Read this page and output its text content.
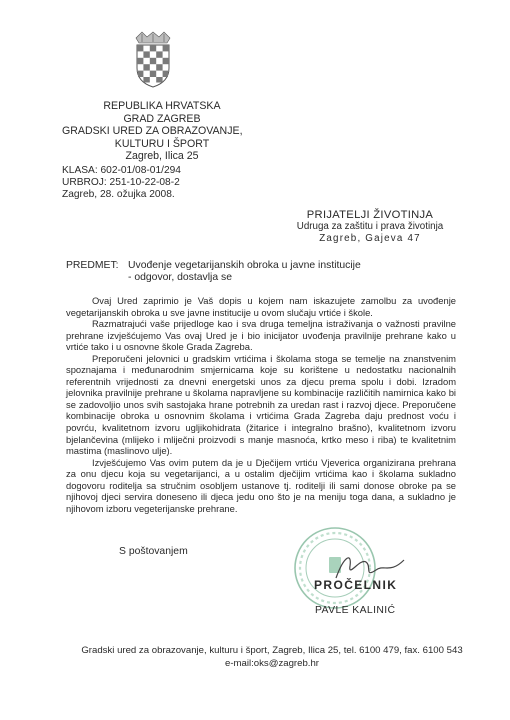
REPUBLIKA HRVATSKA
GRAD ZAGREB
GRADSKI URED ZA OBRAZOVANJE,
KULTURU I ŠPORT
Zagreb, Ilica 25
KLASA: 602-01/08-01/294
URBROJ: 251-10-22-08-2
Zagreb, 28. ožujka 2008.
PRIJATELJI ŽIVOTINJA
Udruga za zaštitu i prava životinja
Zagreb, Gajeva 47
PREDMET: Uvođenje vegetarijanskih obroka u javne institucije
- odgovor, dostavlja se

Ovaj Ured zaprimio je Vaš dopis u kojem nam iskazujete zamolbu za uvođenje vegetarijanskih obroka u sve javne institucije u ovom slučaju vrtiće i škole.

Razmatrajući vaše prijedloge kao i sva druga temeljna istraživanja o važnosti pravilne prehrane izvješćujemo Vas ovaj Ured je i bio inicijator uvođenja pravilnije prehrane kako u vrtiće tako i u osnovne škole Grada Zagreba.

Preporučeni jelovnici u gradskim vrtićima i školama stoga se temelje na znanstvenim spoznajama i međunarodnim smjernicama koje su korištene u nedostatku nacionalnih referentnih vrijednosti za dnevni energetski unos za djecu prema spolu i dobi. Izradom jelovnika pravilnije prehrane u školama napravljene su kombinacije različitih namirnica kako bi se zadovoljio unos svih sastojaka hrane potrebnih za uredan rast i razvoj djece. Preporučene kombinacije obroka u osnovnim školama i vrtićima Grada Zagreba daju prednost voću i povrću, kvalitetnom izvoru ugljikohidrata (žitarice i integralno brašno), kvalitetnom izvoru bjelančevina (mlijeko i mliječni proizvodi s manje masnoća, krtko meso i riba) te kvalitetnim mastima (maslinovo ulje).

Izvješćujemo Vas ovim putem da je u Dječijem vrtiću Vjeverica organizirana prehrana za onu djecu koja su vegetarijanci, a u ostalim dječijim vrtićima kao i školama sukladno dogovoru roditelja sa stručnim osobljem ustanove tj. roditelji ili sami donose obroke pa se njihovoj djeci servira doneseno ili djeca jedu ono što je na meniju toga dana, a sukladno je njihovom izboru vegeterijanske prehrane.

S poštovanjem
PROČELNIK
PAVLE KALINIĆ
Gradski ured za obrazovanje, kulturu i šport, Zagreb, Ilica 25, tel. 6100 479, fax. 6100 543
e-mail:oks@zagreb.hr
